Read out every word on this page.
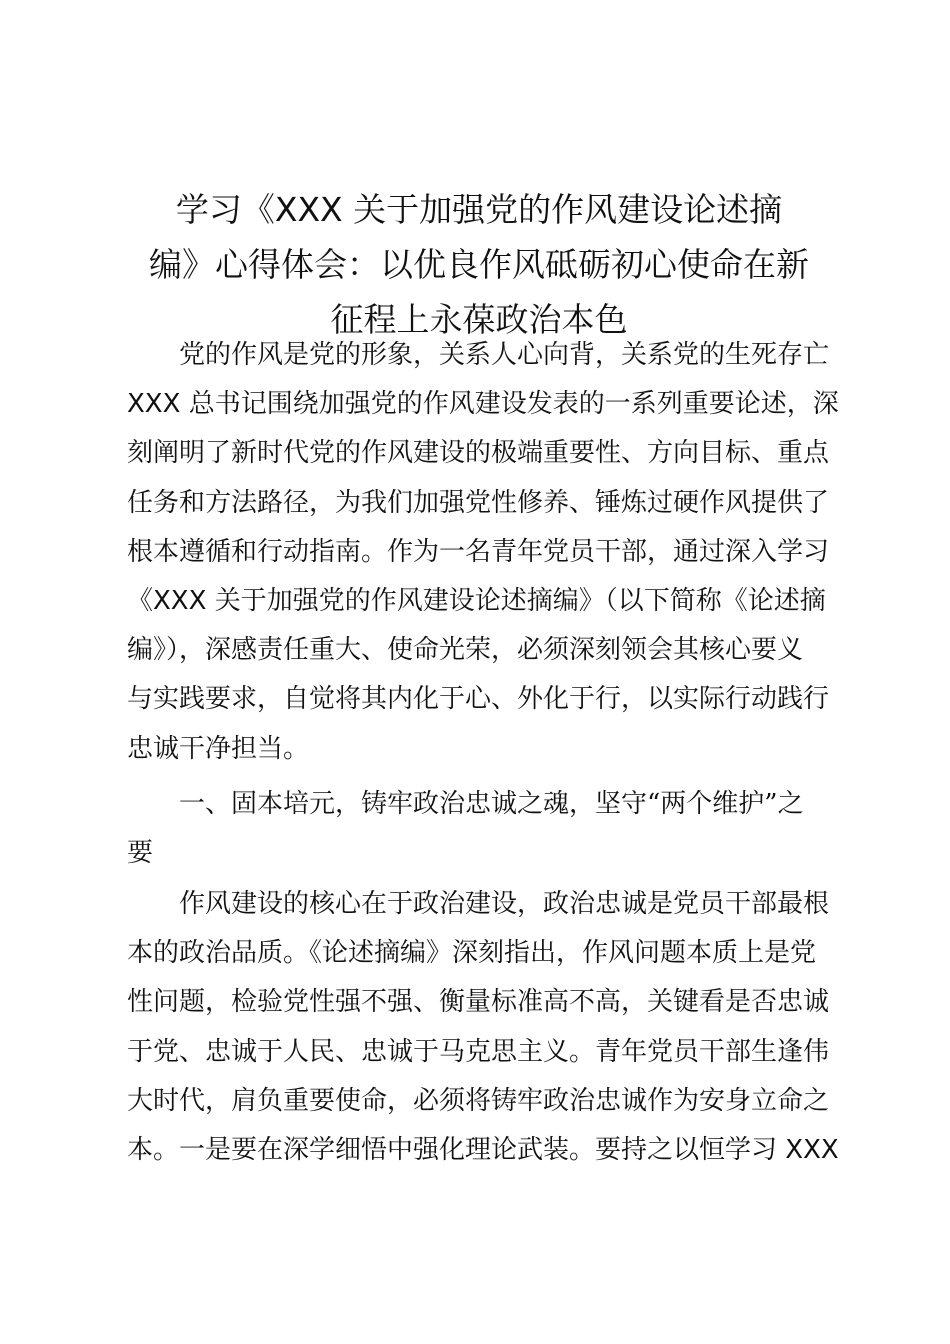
学习《XXX 关于加强党的作风建设论述摘
编》心得体会：以优良作风砥砺初心使命在新
征程上永葆政治本色

党的作风是党的形象，关系人心向背，关系党的生死存亡
XXX 总书记围绕加强党的作风建设发表的一系列重要论述，深
刻阐明了新时代党的作风建设的极端重要性、方向目标、重点
任务和方法路径，为我们加强党性修养、锤炼过硬作风提供了
根本遵循和行动指南。作为一名青年党员干部，通过深入学习
《XXX 关于加强党的作风建设论述摘编》（以下简称《论述摘
编》），深感责任重大、使命光荣，必须深刻领会其核心要义
与实践要求，自觉将其内化于心、外化于行，以实际行动践行
忠诚干净担当。

一、固本培元，铸牢政治忠诚之魂，坚守“两个维护”之
要

作风建设的核心在于政治建设，政治忠诚是党员干部最根
本的政治品质。《论述摘编》深刻指出，作风问题本质上是党
性问题，检验党性强不强、衡量标准高不高，关键看是否忠诚
于党、忠诚于人民、忠诚于马克思主义。青年党员干部生逢伟
大时代，肩负重要使命，必须将铸牢政治忠诚作为安身立命之
本。一是要在深学细悟中强化理论武装。要持之以恒学习 XXX
